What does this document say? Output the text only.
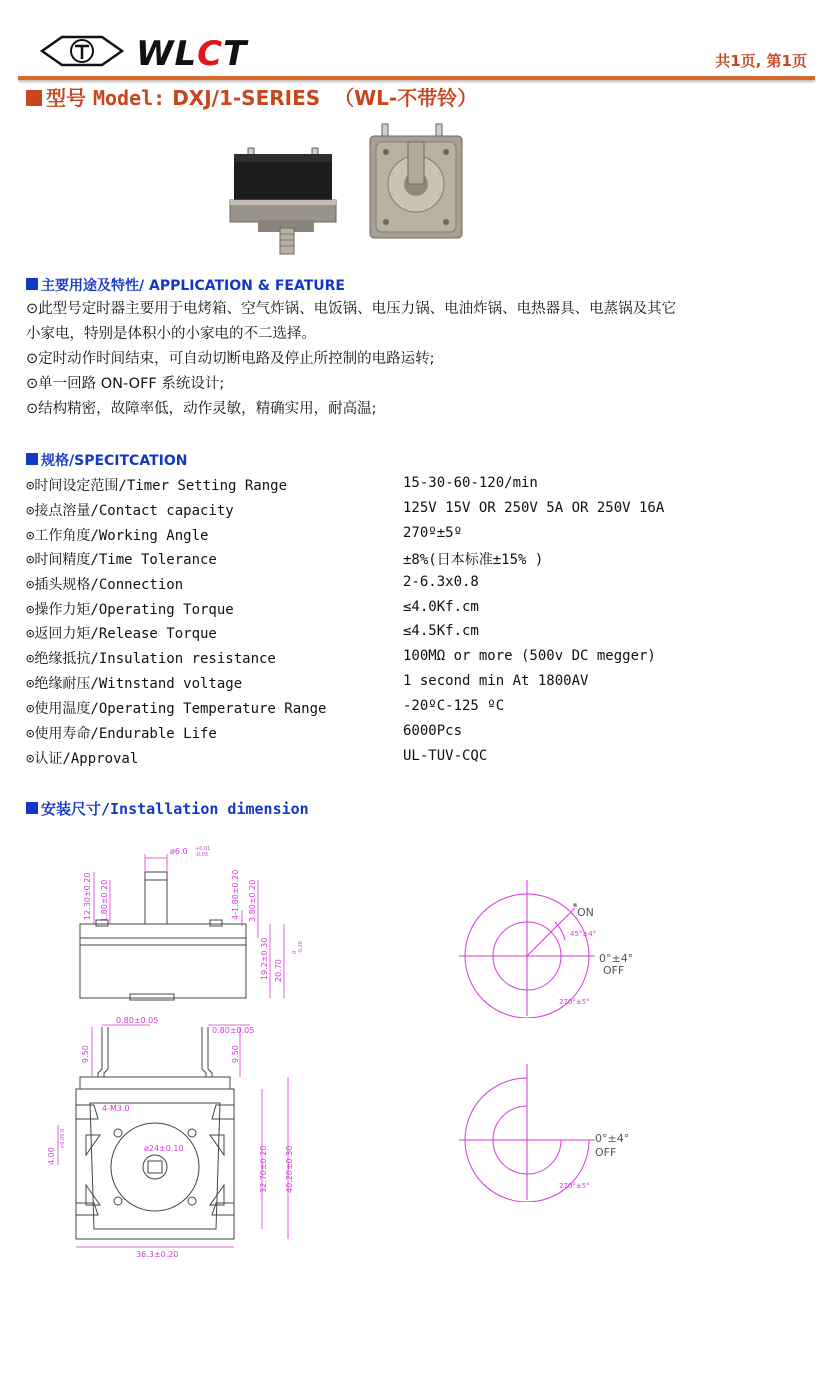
WLCT	共1页, 第1页
型号 Model: DXJ/1-SERIES （WL-不带铃）
主要用途及特性/ APPLICATION & FEATURE
⊙此型号定时器主要用于电烤箱、空气炸锅、电饭锅、电压力锅、电油炸锅、电热器具、电蒸锅及其它
小家电，特别是体积小的小家电的不二选择。
⊙定时动作时间结束，可自动切断电路及停止所控制的电路运转;
⊙单一回路 ON-OFF 系统设计;
⊙结构精密，故障率低，动作灵敏，精确实用，耐高温;
规格/SPECITCATION
⊙时间设定范围/Timer Setting Range	15-30-60-120/min
⊙接点溶量/Contact capacity	125V 15V OR 250V 5A OR 250V 16A
⊙工作角度/Working Angle	270º±5º
⊙时间精度/Time Tolerance	±8%(日本标准±15% )
⊙插头规格/Connection	2-6.3x0.8
⊙操作力矩/Operating Torque	≤4.0Kf.cm
⊙返回力矩/Release Torque	≤4.5Kf.cm
⊙绝缘抵抗/Insulation resistance	100MΩ or more (500v DC megger)
⊙绝缘耐压/Witnstand voltage	1 second min At 1800AV
⊙使用温度/Operating Temperature Range	-20ºC-125 ºC
⊙使用寿命/Endurable Life	6000Pcs
⊙认证/Approval	UL-TUV-CQC
安装尺寸/Installation dimension
ø6.0 +0.01
-0.03
12.30±0.20 1.80±0.20	4-1.80±0.20 3.80±0.20
19.2±0.30 20.70
0 -0.20
0.80±0.05
0.80±0.05
9.50	9.50
4-M3.0
ø24±0.10
4.00
+0.05 0
32.70±0.20 40.20±0.30
36.3±0.20
ON
0°±4°
OFF
45°±4°
270°±5°
0°±4°
OFF
270°±5°
